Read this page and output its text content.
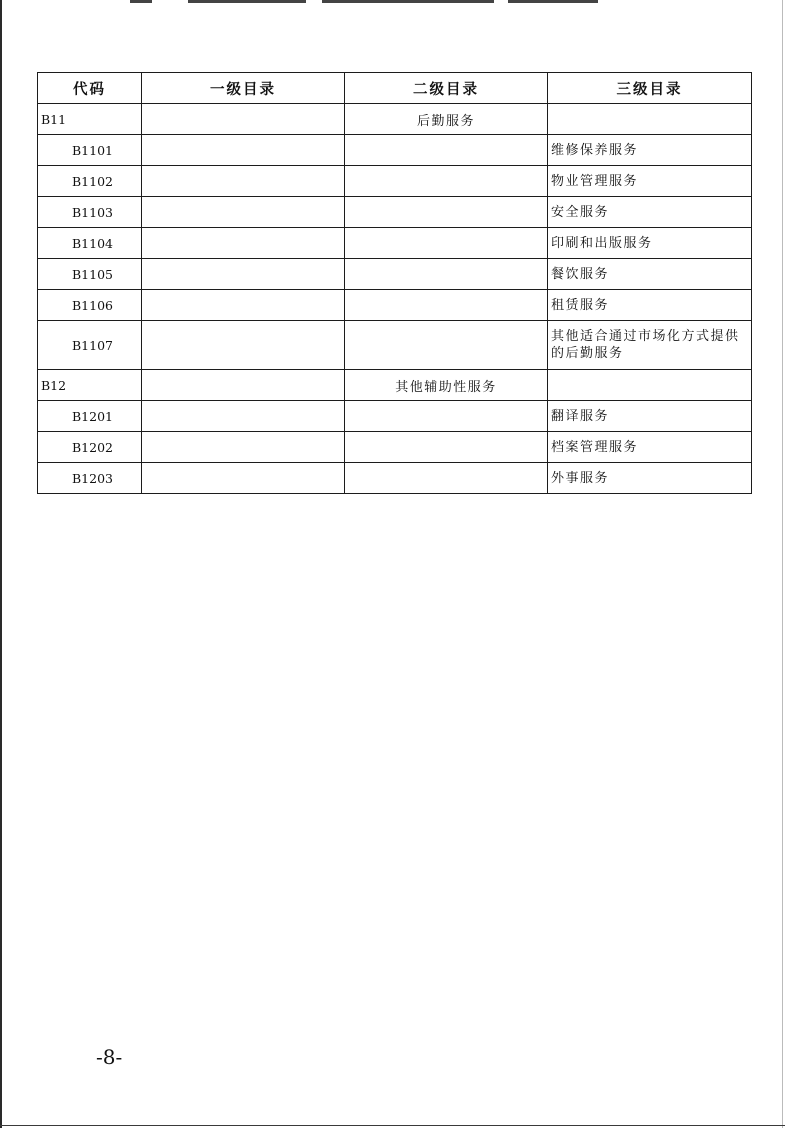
代码	一级目录	二级目录	三级目录
B11		后勤服务	
B1101			维修保养服务
B1102			物业管理服务
B1103			安全服务
B1104			印刷和出版服务
B1105			餐饮服务
B1106			租赁服务
B1107			其他适合通过市场化方式提供的后勤服务
B12		其他辅助性服务	
B1201			翻译服务
B1202			档案管理服务
B1203			外事服务
-8-
